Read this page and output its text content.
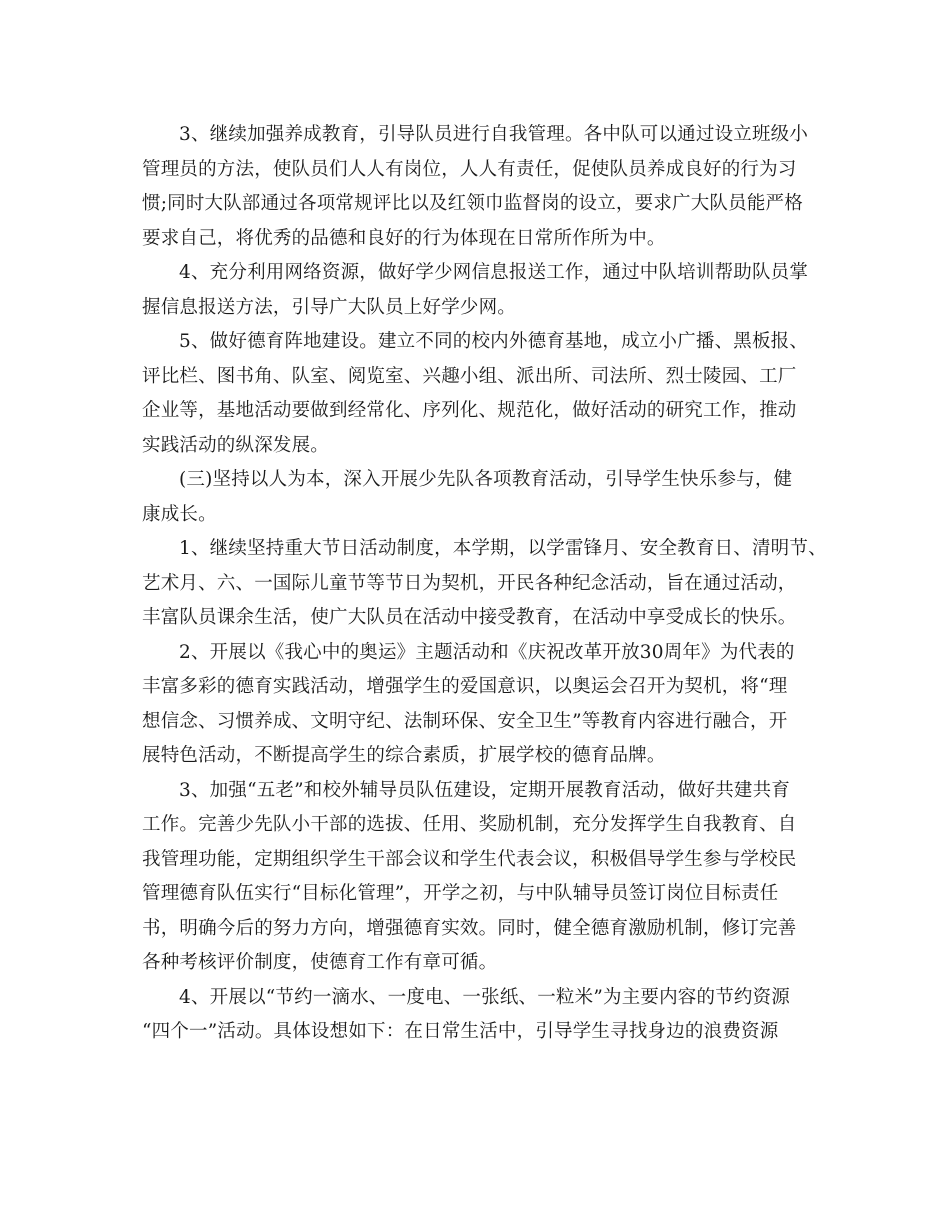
3、继续加强养成教育，引导队员进行自我管理。各中队可以通过设立班级小
管理员的方法，使队员们人人有岗位，人人有责任，促使队员养成良好的行为习
惯;同时大队部通过各项常规评比以及红领巾监督岗的设立，要求广大队员能严格
要求自己，将优秀的品德和良好的行为体现在日常所作所为中。
4、充分利用网络资源，做好学少网信息报送工作，通过中队培训帮助队员掌
握信息报送方法，引导广大队员上好学少网。
5、做好德育阵地建设。建立不同的校内外德育基地，成立小广播、黑板报、
评比栏、图书角、队室、阅览室、兴趣小组、派出所、司法所、烈士陵园、工厂
企业等，基地活动要做到经常化、序列化、规范化，做好活动的研究工作，推动
实践活动的纵深发展。
(三)坚持以人为本，深入开展少先队各项教育活动，引导学生快乐参与，健
康成长。
1、继续坚持重大节日活动制度，本学期，以学雷锋月、安全教育日、清明节、
艺术月、六、一国际儿童节等节日为契机，开民各种纪念活动，旨在通过活动，
丰富队员课余生活，使广大队员在活动中接受教育，在活动中享受成长的快乐。
2、开展以《我心中的奥运》主题活动和《庆祝改革开放30周年》为代表的
丰富多彩的德育实践活动，增强学生的爱国意识，以奥运会召开为契机，将“理
想信念、习惯养成、文明守纪、法制环保、安全卫生”等教育内容进行融合，开
展特色活动，不断提高学生的综合素质，扩展学校的德育品牌。
3、加强“五老”和校外辅导员队伍建设，定期开展教育活动，做好共建共育
工作。完善少先队小干部的选拔、任用、奖励机制，充分发挥学生自我教育、自
我管理功能，定期组织学生干部会议和学生代表会议，积极倡导学生参与学校民
管理德育队伍实行“目标化管理”，开学之初，与中队辅导员签订岗位目标责任
书，明确今后的努力方向，增强德育实效。同时，健全德育激励机制，修订完善
各种考核评价制度，使德育工作有章可循。
4、开展以“节约一滴水、一度电、一张纸、一粒米”为主要内容的节约资源
“四个一”活动。具体设想如下：在日常生活中，引导学生寻找身边的浪费资源
